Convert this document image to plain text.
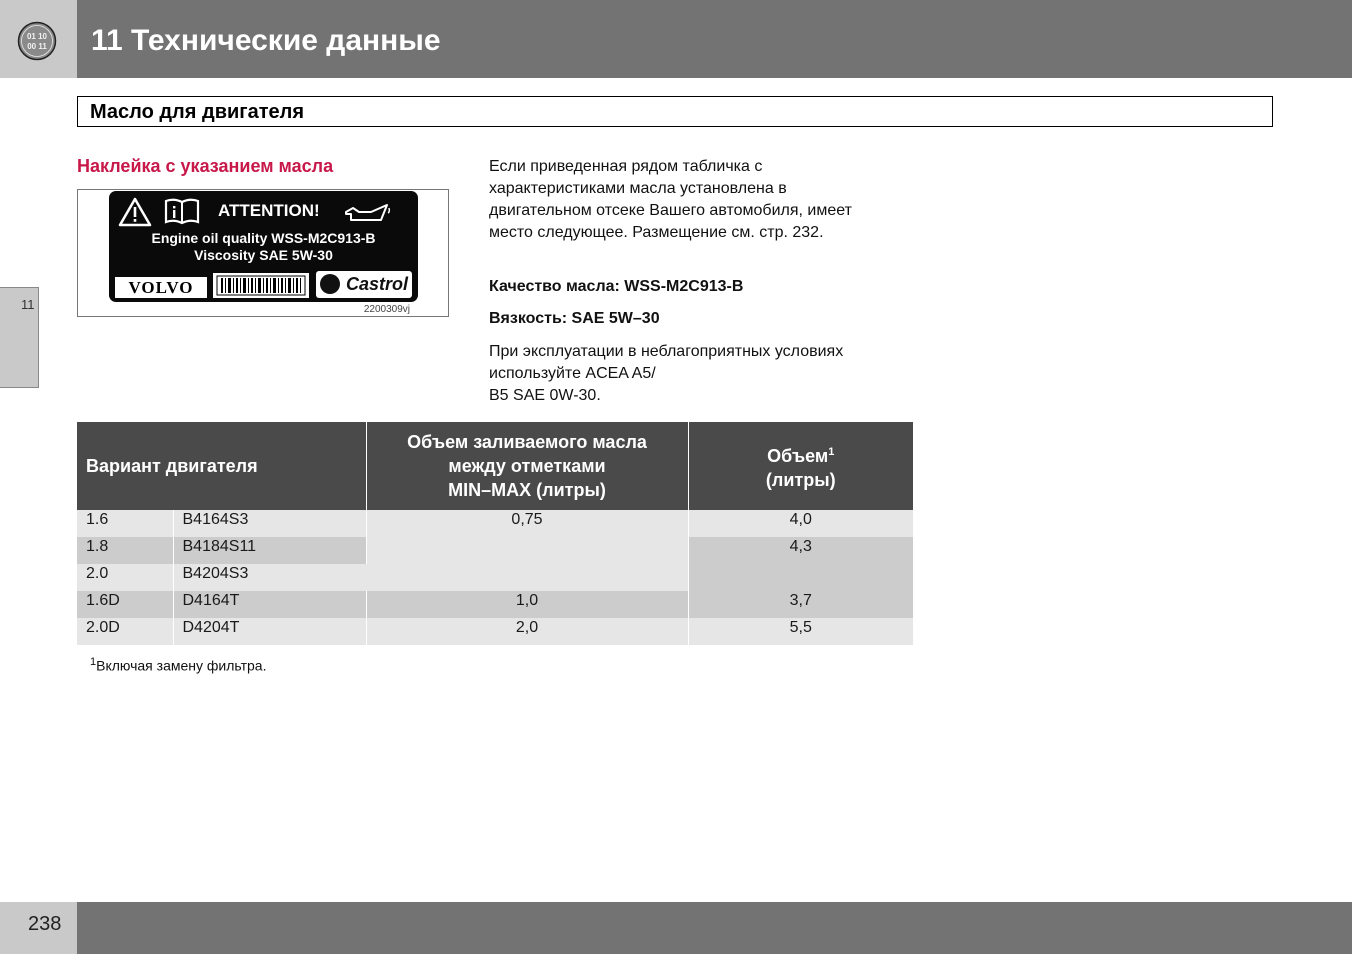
01 10
00 11 11 Технические данные
Масло для двигателя
11
Наклейка с указанием масла
ATTENTION!
Engine oil quality WSS-M2C913-B
Viscosity SAE 5W-30
VOLVO	Castrol
2200309vj
Если приведенная рядом табличка с характеристиками масла установлена в двигательном отсеке Вашего автомобиля, имеет место следующее. Размещение см. стр. 232.
Качество масла: WSS-M2C913-B
Вязкость: SAE 5W–30
При эксплуатации в неблагоприятных условиях используйте ACEA A5/
B5 SAE 0W-30.
Вариант двигателя		Объем заливаемого масла
между отметками
MIN–MAX (литры)	Объем$^1$
(литры)
1.6	B4164S3	0,75	4,0
1.8	B4184S11		4,3
2.0	B4204S3		
1.6D	D4164T	1,0	3,7
2.0D	D4204T	2,0	5,5
$^1$Включая замену фильтра.
238
